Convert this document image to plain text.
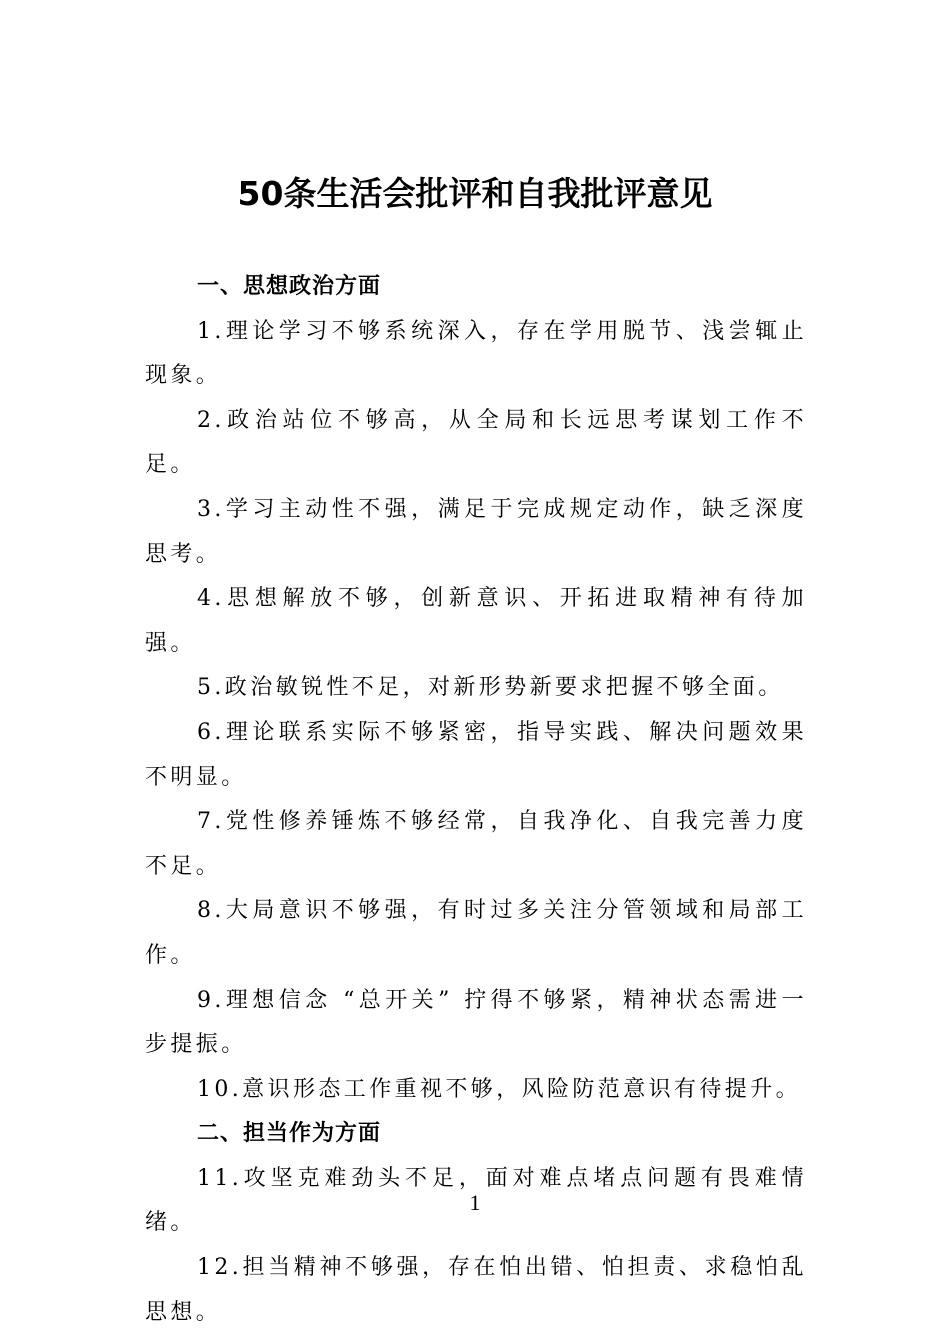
50条生活会批评和自我批评意见

一、思想政治方面

1.理论学习不够系统深入，存在学用脱节、浅尝辄止现象。

2.政治站位不够高，从全局和长远思考谋划工作不足。

3.学习主动性不强，满足于完成规定动作，缺乏深度思考。

4.思想解放不够，创新意识、开拓进取精神有待加强。

5.政治敏锐性不足，对新形势新要求把握不够全面。

6.理论联系实际不够紧密，指导实践、解决问题效果不明显。

7.党性修养锤炼不够经常，自我净化、自我完善力度不足。

8.大局意识不够强，有时过多关注分管领域和局部工作。

9.理想信念 “总开关” 拧得不够紧，精神状态需进一步提振。

10.意识形态工作重视不够，风险防范意识有待提升。

二、担当作为方面

11.攻坚克难劲头不足，面对难点堵点问题有畏难情绪。

12.担当精神不够强，存在怕出错、怕担责、求稳怕乱思想。

1
